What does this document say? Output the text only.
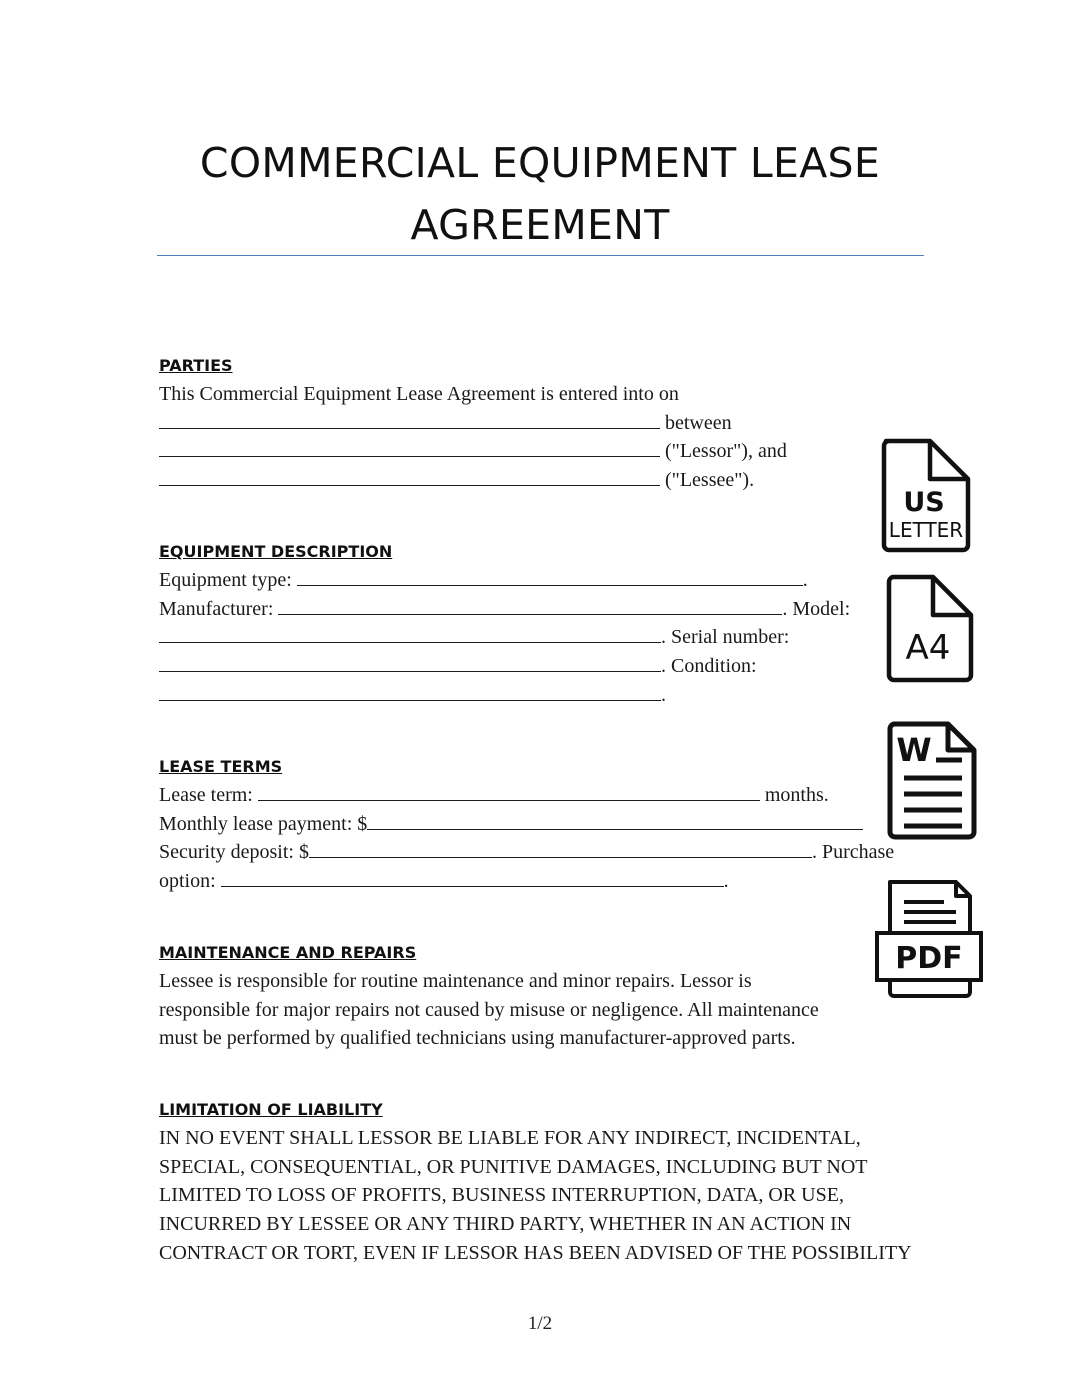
COMMERCIAL EQUIPMENT LEASE
AGREEMENT
PARTIES
This Commercial Equipment Lease Agreement is entered into on
between
("Lessor"), and
("Lessee").
EQUIPMENT DESCRIPTION
Equipment type:	.
Manufacturer:	. Model:
. Serial number:
. Condition:
.
LEASE TERMS
Lease term:	months.
Monthly lease payment: $
Security deposit: $	. Purchase
option:	.
MAINTENANCE AND REPAIRS
Lessee is responsible for routine maintenance and minor repairs. Lessor is
responsible for major repairs not caused by misuse or negligence. All maintenance
must be performed by qualified technicians using manufacturer-approved parts.
LIMITATION OF LIABILITY
IN NO EVENT SHALL LESSOR BE LIABLE FOR ANY INDIRECT, INCIDENTAL,
SPECIAL, CONSEQUENTIAL, OR PUNITIVE DAMAGES, INCLUDING BUT NOT
LIMITED TO LOSS OF PROFITS, BUSINESS INTERRUPTION, DATA, OR USE,
INCURRED BY LESSEE OR ANY THIRD PARTY, WHETHER IN AN ACTION IN
CONTRACT OR TORT, EVEN IF LESSOR HAS BEEN ADVISED OF THE POSSIBILITY
1/2
US
LETTER
A4
W
PDF
